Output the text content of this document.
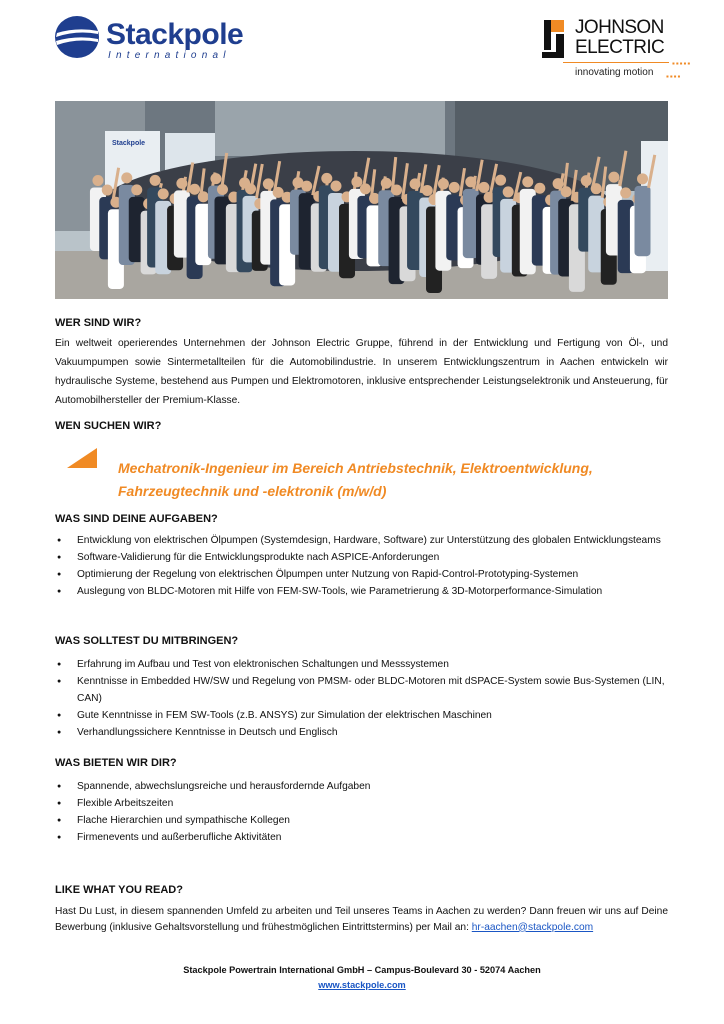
Stackpole
International
JOHNSON
ELECTRIC
▪▪▪▪▪
innovating motion ▪▪▪▪
Stackpole
WER SIND WIR?
Ein weltweit operierendes Unternehmen der Johnson Electric Gruppe, führend in der Entwicklung und Fertigung von Öl-, und Vakuumpumpen sowie Sintermetallteilen für die Automobilindustrie. In unserem Entwicklungszentrum in Aachen entwickeln wir hydraulische Systeme, bestehend aus Pumpen und Elektromotoren, inklusive entsprechender Leistungselektronik und Ansteuerung, für Automobilhersteller der Premium-Klasse.
WEN SUCHEN WIR?
Mechatronik-Ingenieur im Bereich Antriebstechnik, Elektroentwicklung, Fahrzeugtechnik und -elektronik (m/w/d)
WAS SIND DEINE AUFGABEN?
● Entwicklung von elektrischen Ölpumpen (Systemdesign, Hardware, Software) zur Unterstützung des globalen Entwicklungsteams
● Software-Validierung für die Entwicklungsprodukte nach ASPICE-Anforderungen
● Optimierung der Regelung von elektrischen Ölpumpen unter Nutzung von Rapid-Control-Prototyping-Systemen
● Auslegung von BLDC-Motoren mit Hilfe von FEM-SW-Tools, wie Parametrierung & 3D-Motorperformance-Simulation
WAS SOLLTEST DU MITBRINGEN?
● Erfahrung im Aufbau und Test von elektronischen Schaltungen und Messsystemen
● Kenntnisse in Embedded HW/SW und Regelung von PMSM- oder BLDC-Motoren mit dSPACE-System sowie Bus-Systemen (LIN, CAN)
● Gute Kenntnisse in FEM SW-Tools (z.B. ANSYS) zur Simulation der elektrischen Maschinen
● Verhandlungssichere Kenntnisse in Deutsch und Englisch
WAS BIETEN WIR DIR?
● Spannende, abwechslungsreiche und herausfordernde Aufgaben
● Flexible Arbeitszeiten
● Flache Hierarchien und sympathische Kollegen
● Firmenevents und außerberufliche Aktivitäten
LIKE WHAT YOU READ?
Hast Du Lust, in diesem spannenden Umfeld zu arbeiten und Teil unseres Teams in Aachen zu werden? Dann freuen wir uns auf Deine Bewerbung (inklusive Gehaltsvorstellung und frühestmöglichen Eintrittstermins) per Mail an: hr-aachen@stackpole.com
Stackpole Powertrain International GmbH – Campus-Boulevard 30 - 52074 Aachen
www.stackpole.com
